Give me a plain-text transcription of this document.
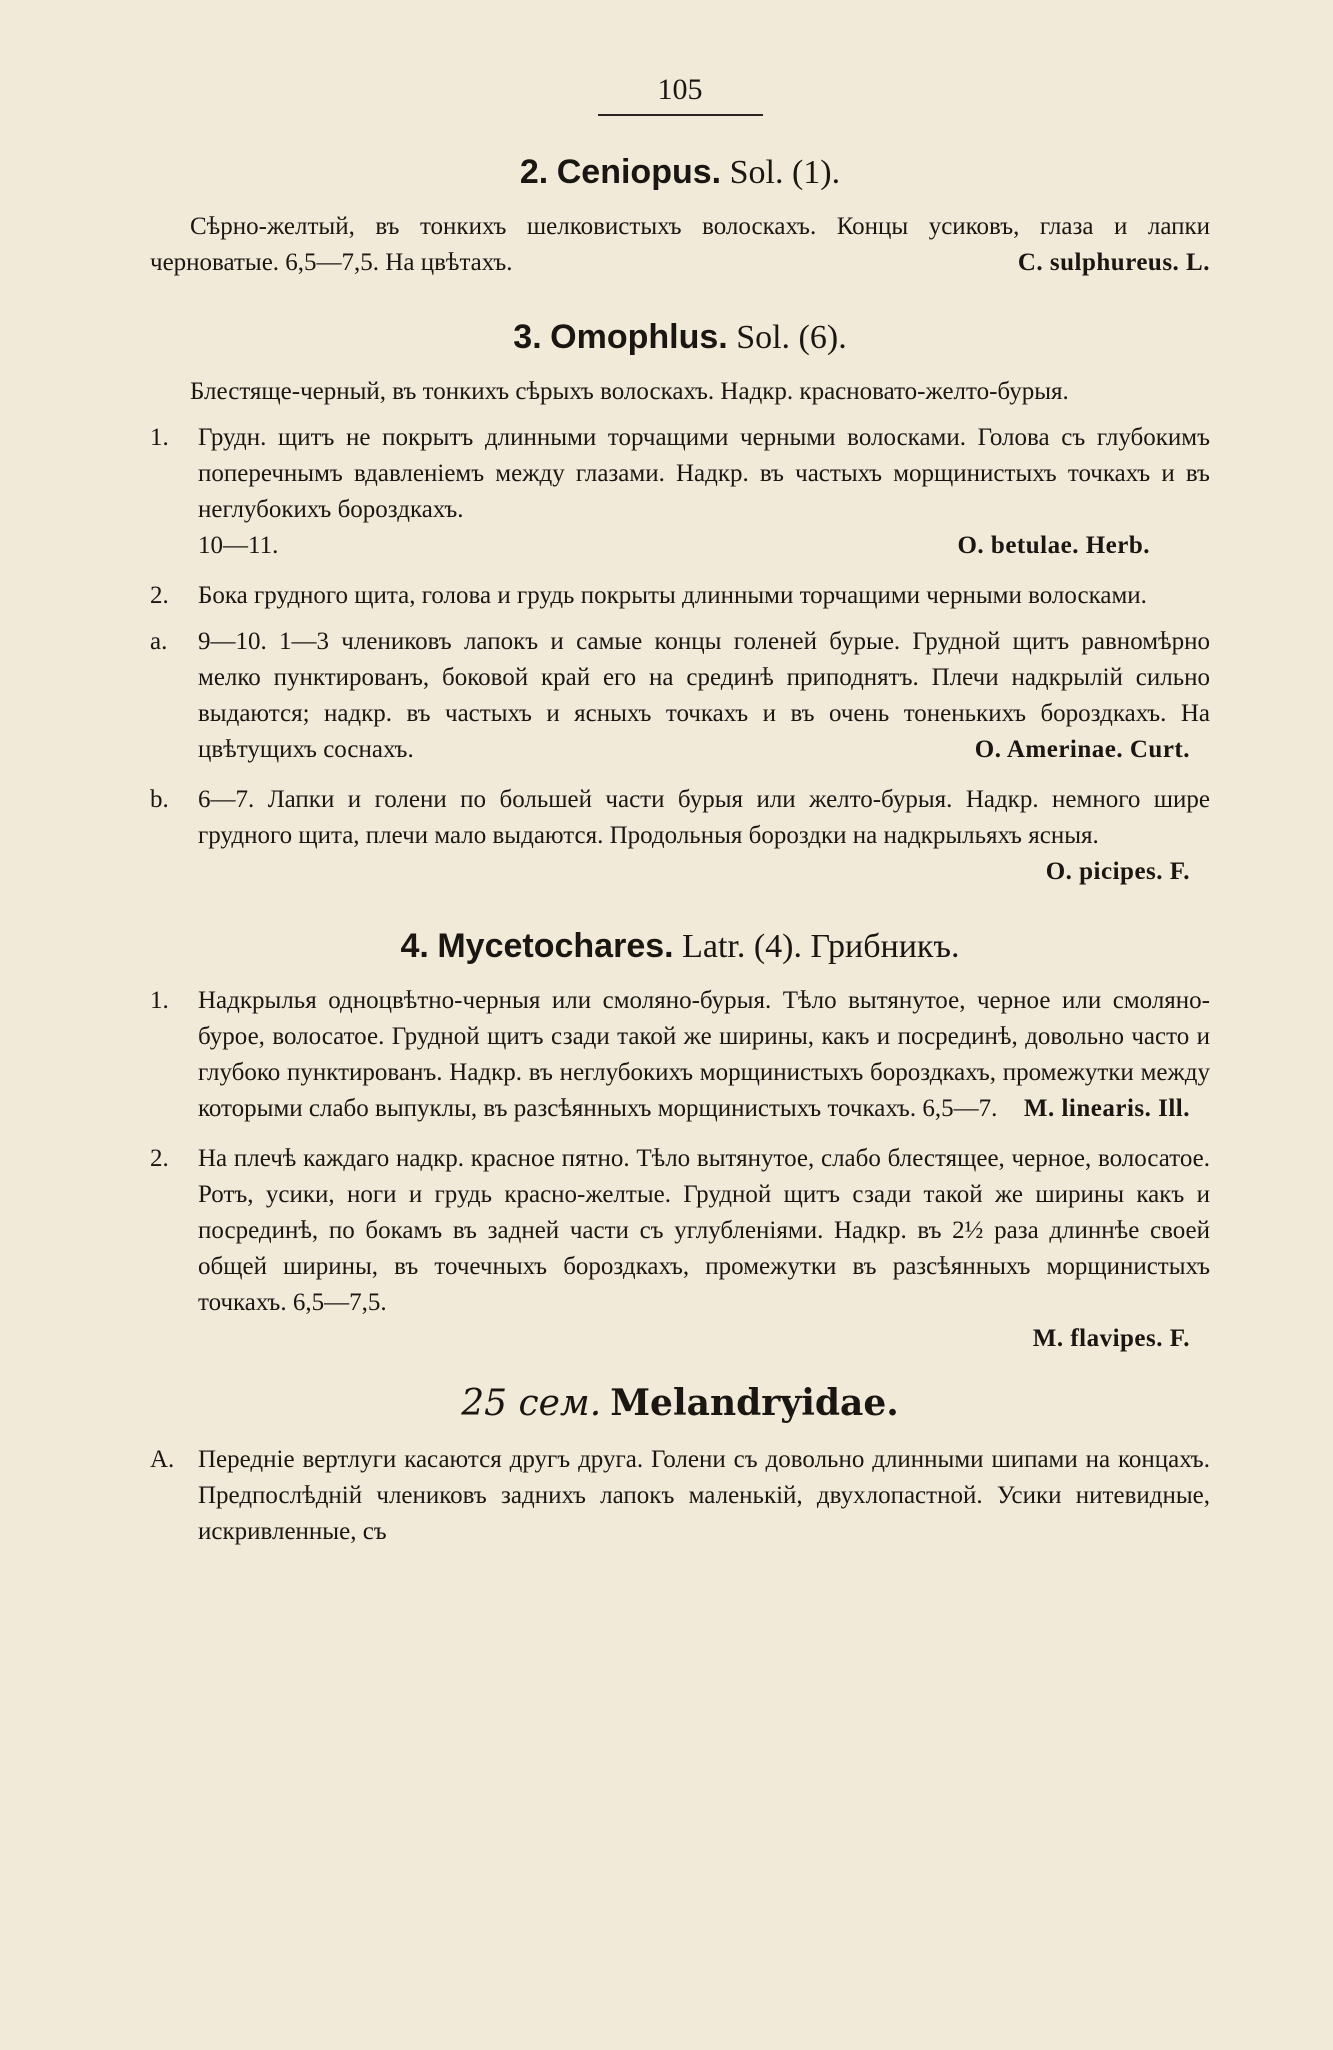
105
2. Ceniopus. Sol. (1).

Сѣрно-желтый, въ тонкихъ шелковистыхъ волоскахъ. Концы усиковъ, глаза и лапки черноватые. 6,5—7,5. На цвѣтахъ.	C. sulphureus. L.

3. Omophlus. Sol. (6).

Блестяще-черный, въ тонкихъ сѣрыхъ волоскахъ. Надкр. красновато-желто-бурыя.

1.	Грудн. щитъ не покрытъ длинными торчащими черными волосками. Голова съ глубокимъ поперечнымъ вдавленіемъ между глазами. Надкр. въ частыхъ морщинистыхъ точкахъ и въ неглубокихъ бороздкахъ.
10—11.	O. betulae. Herb.
2.	Бока грудного щита, голова и грудь покрыты длинными торчащими черными волосками.
a.	9—10. 1—3 члениковъ лапокъ и самые концы голеней бурые. Грудной щитъ равномѣрно мелко пунктированъ, боковой край его на срединѣ приподнятъ. Плечи надкрылій сильно выдаются; надкр. въ частыхъ и ясныхъ точкахъ и въ очень тоненькихъ бороздкахъ. На цвѣтущихъ соснахъ.	O. Amerinae. Curt.
b.	6—7. Лапки и голени по большей части бурыя или желто-бурыя. Надкр. немного шире грудного щита, плечи мало выдаются. Продольныя бороздки на надкрыльяхъ ясныя.
O. picipes. F.
4. Mycetochares. Latr. (4). Грибникъ.
1.	Надкрылья одноцвѣтно-черныя или смоляно-бурыя. Тѣло вытянутое, черное или смоляно-бурое, волосатое. Грудной щитъ сзади такой же ширины, какъ и посрединѣ, довольно часто и глубоко пунктированъ. Надкр. въ неглубокихъ морщинистыхъ бороздкахъ, промежутки между которыми слабо выпуклы, въ разсѣянныхъ морщинистыхъ точкахъ. 6,5—7. M. linearis. Ill.
2.	На плечѣ каждаго надкр. красное пятно. Тѣло вытянутое, слабо блестящее, черное, волосатое. Ротъ, усики, ноги и грудь красно-желтые. Грудной щитъ сзади такой же ширины какъ и посрединѣ, по бокамъ въ задней части съ углубленіями. Надкр. въ 2½ раза длиннѣе своей общей ширины, въ точечныхъ бороздкахъ, промежутки въ разсѣянныхъ морщинистыхъ точкахъ. 6,5—7,5.
M. flavipes. F.
25 сем. Melandryidae.
A. Передніе вертлуги касаются другъ друга. Голени съ довольно длинными шипами на концахъ. Предпослѣдній члениковъ заднихъ лапокъ маленькій, двухлопастной. Усики нитевидные, искривленные, съ
